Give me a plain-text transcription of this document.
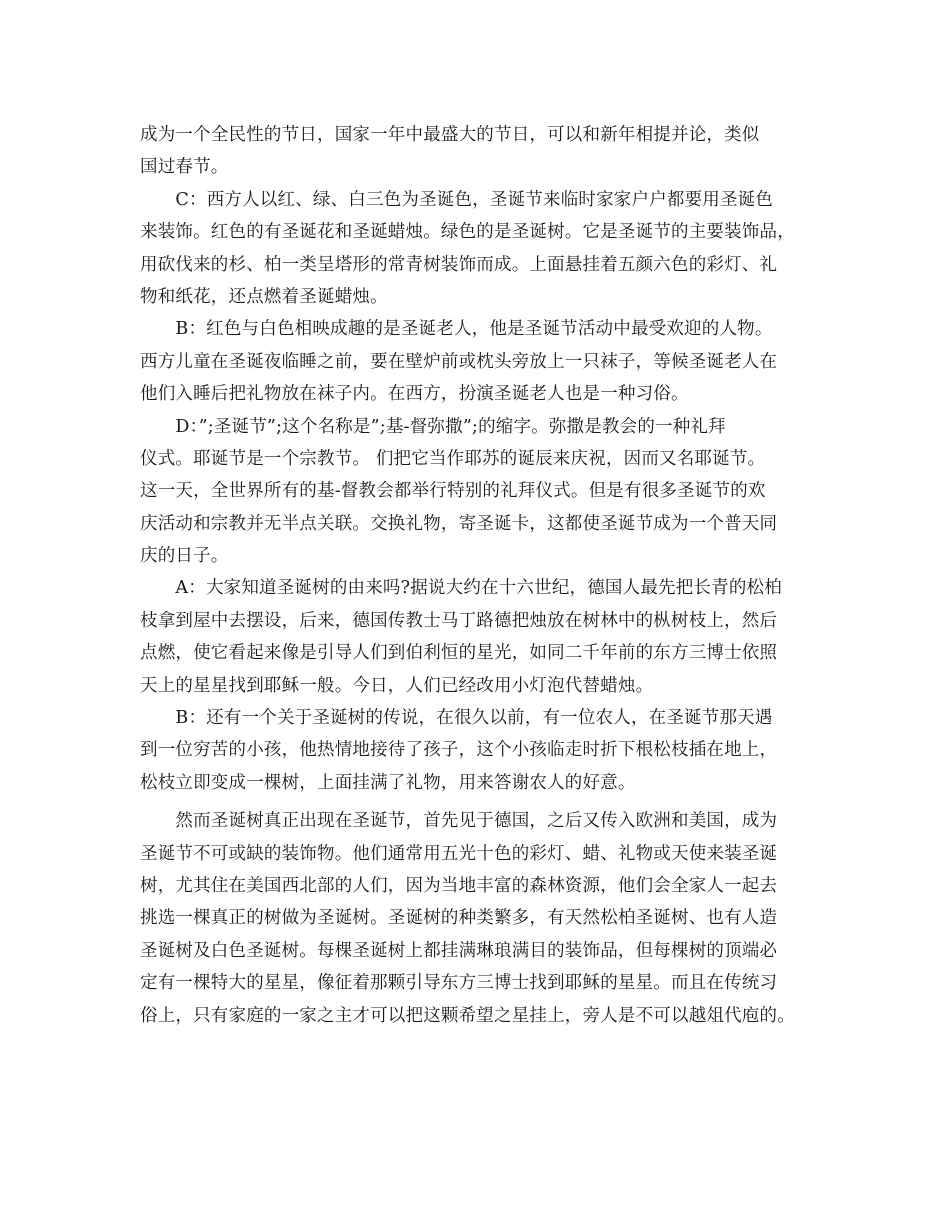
成为一个全民性的节日，国家一年中最盛大的节日，可以和新年相提并论，类似
国过春节。
　　C：西方人以红、绿、白三色为圣诞色，圣诞节来临时家家户户都要用圣诞色
来装饰。红色的有圣诞花和圣诞蜡烛。绿色的是圣诞树。它是圣诞节的主要装饰品，
用砍伐来的杉、柏一类呈塔形的常青树装饰而成。上面悬挂着五颜六色的彩灯、礼
物和纸花，还点燃着圣诞蜡烛。
　　B：红色与白色相映成趣的是圣诞老人，他是圣诞节活动中最受欢迎的人物。
西方儿童在圣诞夜临睡之前，要在壁炉前或枕头旁放上一只袜子，等候圣诞老人在
他们入睡后把礼物放在袜子内。在西方，扮演圣诞老人也是一种习俗。
　　D：”;圣诞节”;这个名称是”;基-督弥撒”;的缩字。弥撒是教会的一种礼拜
仪式。耶诞节是一个宗教节。 们把它当作耶苏的诞辰来庆祝，因而又名耶诞节。
这一天，全世界所有的基-督教会都举行特别的礼拜仪式。但是有很多圣诞节的欢
庆活动和宗教并无半点关联。交换礼物，寄圣诞卡，这都使圣诞节成为一个普天同
庆的日子。
　　A：大家知道圣诞树的由来吗?据说大约在十六世纪，德国人最先把长青的松柏
枝拿到屋中去摆设，后来，德国传教士马丁路德把烛放在树林中的枞树枝上，然后
点燃，使它看起来像是引导人们到伯利恒的星光，如同二千年前的东方三博士依照
天上的星星找到耶稣一般。今日，人们已经改用小灯泡代替蜡烛。
　　B：还有一个关于圣诞树的传说，在很久以前，有一位农人，在圣诞节那天遇
到一位穷苦的小孩，他热情地接待了孩子，这个小孩临走时折下根松枝插在地上，
松枝立即变成一棵树，上面挂满了礼物，用来答谢农人的好意。
　　然而圣诞树真正出现在圣诞节，首先见于德国，之后又传入欧洲和美国，成为
圣诞节不可或缺的装饰物。他们通常用五光十色的彩灯、蜡、礼物或天使来装圣诞
树，尤其住在美国西北部的人们，因为当地丰富的森林资源，他们会全家人一起去
挑选一棵真正的树做为圣诞树。圣诞树的种类繁多，有天然松柏圣诞树、也有人造
圣诞树及白色圣诞树。每棵圣诞树上都挂满琳琅满目的装饰品，但每棵树的顶端必
定有一棵特大的星星，像征着那颗引导东方三博士找到耶稣的星星。而且在传统习
俗上，只有家庭的一家之主才可以把这颗希望之星挂上，旁人是不可以越俎代庖的。
